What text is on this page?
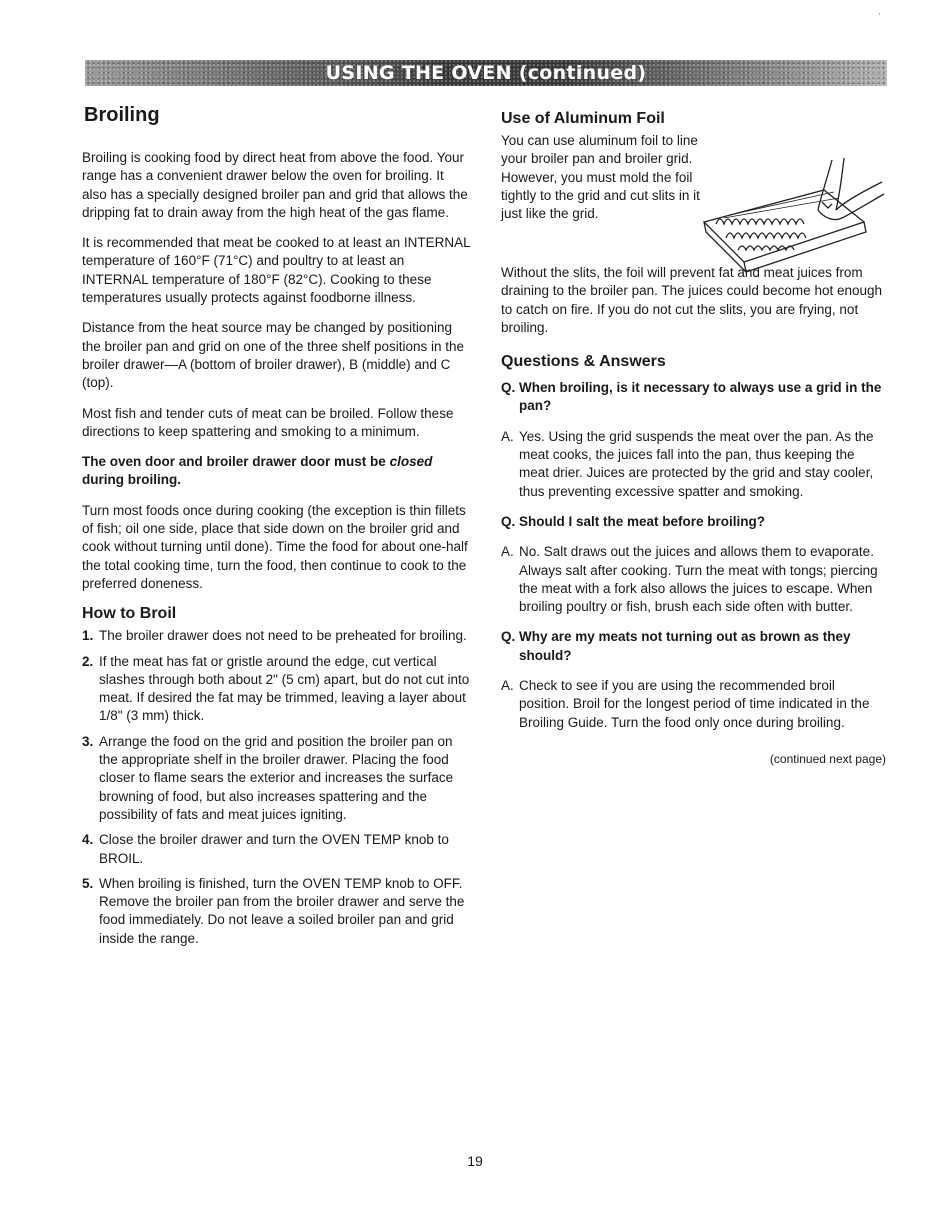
USING THE OVEN (continued)
Broiling

Broiling is cooking food by direct heat from above the food. Your range has a convenient drawer below the oven for broiling. It also has a specially designed broiler pan and grid that allows the dripping fat to drain away from the high heat of the gas flame.

It is recommended that meat be cooked to at least an INTERNAL temperature of 160°F (71°C) and poultry to at least an INTERNAL temperature of 180°F (82°C). Cooking to these temperatures usually protects against foodborne illness.

Distance from the heat source may be changed by positioning the broiler pan and grid on one of the three shelf positions in the broiler drawer—A (bottom of broiler drawer), B (middle) and C (top).

Most fish and tender cuts of meat can be broiled. Follow these directions to keep spattering and smoking to a minimum.

The oven door and broiler drawer door must be closed during broiling.

Turn most foods once during cooking (the exception is thin fillets of fish; oil one side, place that side down on the broiler grid and cook without turning until done). Time the food for about one-half the total cooking time, turn the food, then continue to cook to the preferred doneness.

How to Broil
1. The broiler drawer does not need to be preheated for broiling.
2. If the meat has fat or gristle around the edge, cut vertical slashes through both about 2" (5 cm) apart, but do not cut into meat. If desired the fat may be trimmed, leaving a layer about 1/8" (3 mm) thick.
3. Arrange the food on the grid and position the broiler pan on the appropriate shelf in the broiler drawer. Placing the food closer to flame sears the exterior and increases the surface browning of food, but also increases spattering and the possibility of fats and meat juices igniting.
4. Close the broiler drawer and turn the OVEN TEMP knob to BROIL.
5. When broiling is finished, turn the OVEN TEMP knob to OFF. Remove the broiler pan from the broiler drawer and serve the food immediately. Do not leave a soiled broiler pan and grid inside the range.
Use of Aluminum Foil
You can use aluminum foil to line your broiler pan and broiler grid. However, you must mold the foil tightly to the grid and cut slits in it just like the grid.

Without the slits, the foil will prevent fat and meat juices from draining to the broiler pan. The juices could become hot enough to catch on fire. If you do not cut the slits, you are frying, not broiling.

Questions & Answers
Q. When broiling, is it necessary to always use a grid in the pan?
A. Yes. Using the grid suspends the meat over the pan. As the meat cooks, the juices fall into the pan, thus keeping the meat drier. Juices are protected by the grid and stay cooler, thus preventing excessive spatter and smoking.
Q. Should I salt the meat before broiling?
A. No. Salt draws out the juices and allows them to evaporate. Always salt after cooking. Turn the meat with tongs; piercing the meat with a fork also allows the juices to escape. When broiling poultry or fish, brush each side often with butter.
Q. Why are my meats not turning out as brown as they should?
A. Check to see if you are using the recommended broil position. Broil for the longest period of time indicated in the Broiling Guide. Turn the food only once during broiling.
(continued next page)
19
